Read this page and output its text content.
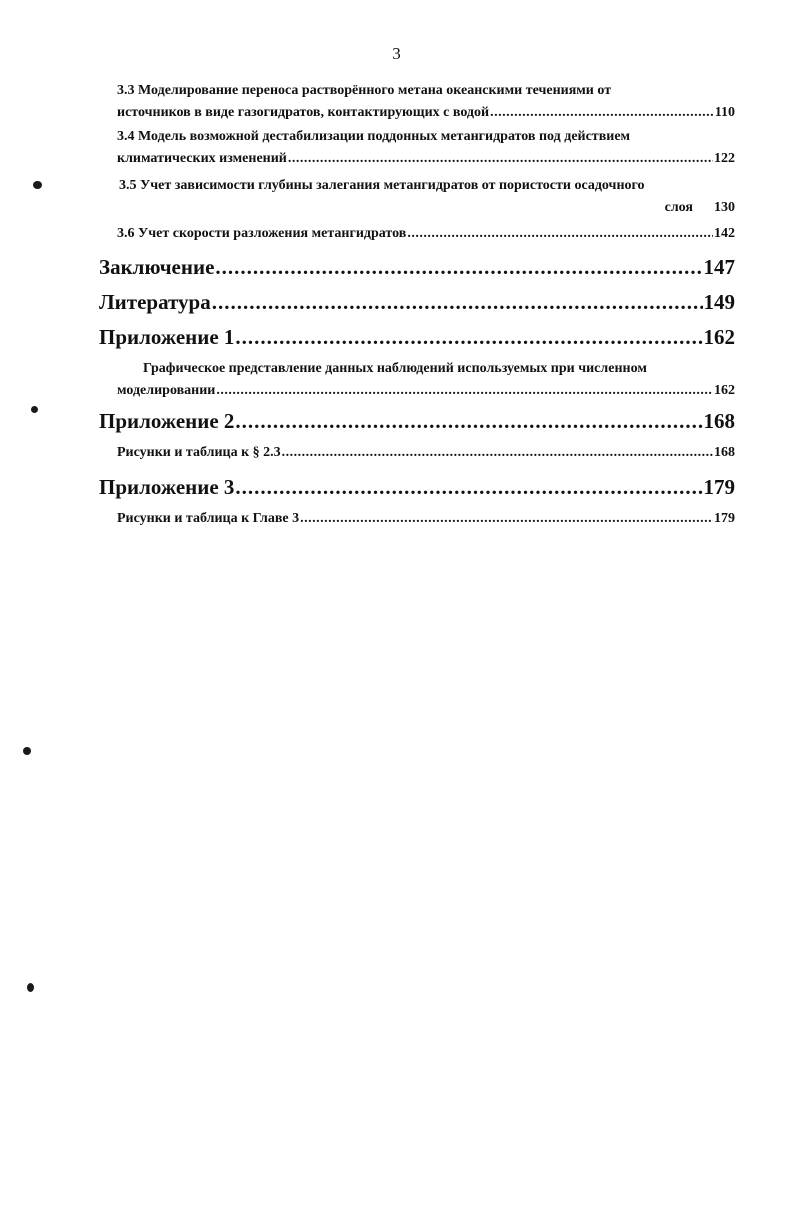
3
3.3 Моделирование переноса растворённого метана океанскими течениями от
источников в виде газогидратов, контактирующих с водой .....	110
3.4 Модель возможной дестабилизации поддонных метангидратов под действием
климатических изменений .....	122
3.5 Учет зависимости глубины залегания метангидратов от пористости осадочного
слоя 130
3.6 Учет скорости разложения метангидратов .....	142
Заключение .....	147
Литература .....	149
Приложение 1 .....	162
Графическое представление данных наблюдений используемых при численном
моделировании .....	162
Приложение 2 .....	168
Рисунки и таблица к § 2.3 .....	168
Приложение 3 .....	179
Рисунки и таблица к Главе 3 .....	179
